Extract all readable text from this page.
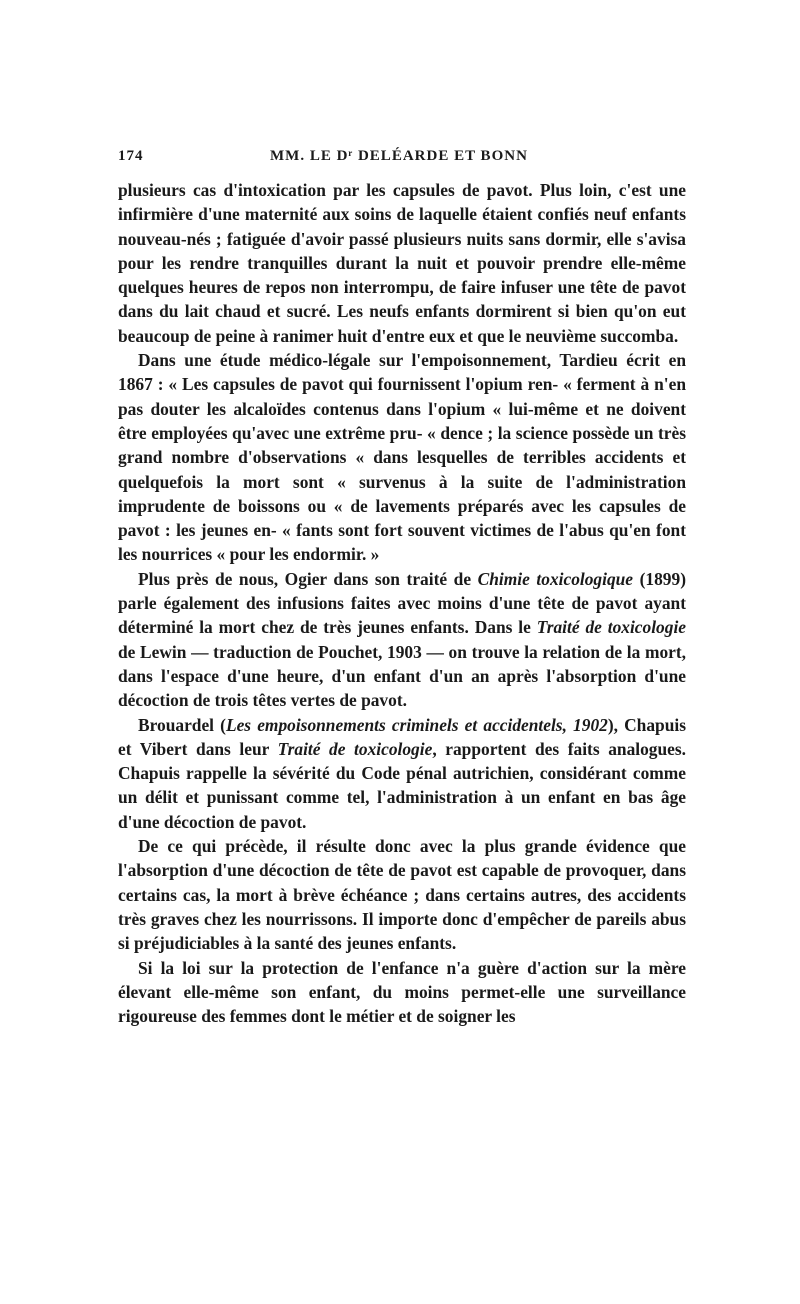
174	MM. LE Dʳ DELÉARDE ET BONN

plusieurs cas d'intoxication par les capsules de pavot. Plus loin, c'est une infirmière d'une maternité aux soins de laquelle étaient confiés neuf enfants nouveau-nés ; fatiguée d'avoir passé plusieurs nuits sans dormir, elle s'avisa pour les rendre tranquilles durant la nuit et pouvoir prendre elle-même quelques heures de repos non interrompu, de faire infuser une tête de pavot dans du lait chaud et sucré. Les neufs enfants dormirent si bien qu'on eut beaucoup de peine à ranimer huit d'entre eux et que le neuvième succomba.

Dans une étude médico-légale sur l'empoisonnement, Tardieu écrit en 1867 : « Les capsules de pavot qui fournissent l'opium ren- « ferment à n'en pas douter les alcaloïdes contenus dans l'opium « lui-même et ne doivent être employées qu'avec une extrême pru- « dence ; la science possède un très grand nombre d'observations « dans lesquelles de terribles accidents et quelquefois la mort sont « survenus à la suite de l'administration imprudente de boissons ou « de lavements préparés avec les capsules de pavot : les jeunes en- « fants sont fort souvent victimes de l'abus qu'en font les nourrices « pour les endormir. »

Plus près de nous, Ogier dans son traité de Chimie toxicologique (1899) parle également des infusions faites avec moins d'une tête de pavot ayant déterminé la mort chez de très jeunes enfants. Dans le Traité de toxicologie de Lewin — traduction de Pouchet, 1903 — on trouve la relation de la mort, dans l'espace d'une heure, d'un enfant d'un an après l'absorption d'une décoction de trois têtes vertes de pavot.

Brouardel (Les empoisonnements criminels et accidentels, 1902), Chapuis et Vibert dans leur Traité de toxicologie, rapportent des faits analogues. Chapuis rappelle la sévérité du Code pénal autrichien, considérant comme un délit et punissant comme tel, l'administration à un enfant en bas âge d'une décoction de pavot.

De ce qui précède, il résulte donc avec la plus grande évidence que l'absorption d'une décoction de tête de pavot est capable de provoquer, dans certains cas, la mort à brève échéance ; dans certains autres, des accidents très graves chez les nourrissons. Il importe donc d'empêcher de pareils abus si préjudiciables à la santé des jeunes enfants.

Si la loi sur la protection de l'enfance n'a guère d'action sur la mère élevant elle-même son enfant, du moins permet-elle une surveillance rigoureuse des femmes dont le métier et de soigner les
